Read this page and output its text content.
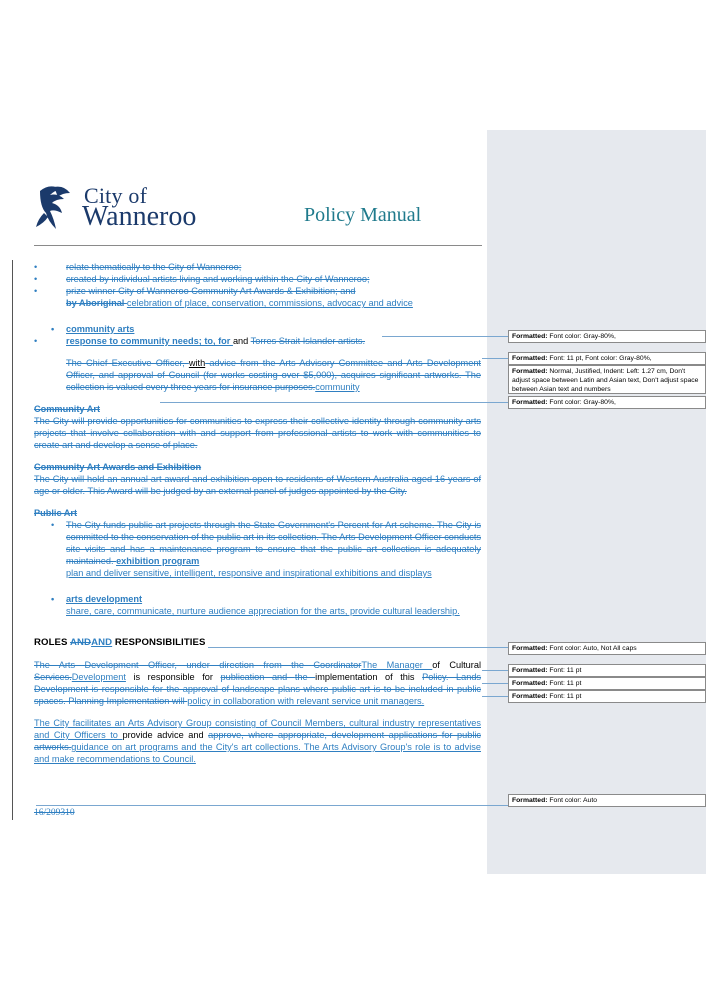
City of
Wanneroo	Policy Manual
• relate thematically to the City of Wanneroo;
• created by individual artists living and working within the City of Wanneroo;
• prize winner City of Wanneroo Community Art Awards & Exhibition; and
by Aboriginal celebration of place, conservation, commissions, advocacy and advice
• community arts
• response to community needs; to, for and Torres Strait Islander artists.
The Chief Executive Officer, with advice from the Arts Advisory Committee and Arts Development Officer, and approval of Council (for works costing over $5,000), acquires significant artworks. The collection is valued every three years for insurance purposes.community
Community Art
The City will provide opportunities for communities to express their collective identity through community arts projects that involve collaboration with and support from professional artists to work with communities to create art and develop a sense of place.
Community Art Awards and Exhibition
The City will hold an annual art award and exhibition open to residents of Western Australia aged 16 years of age or older. This Award will be judged by an external panel of judges appointed by the City.
Public Art
• The City funds public art projects through the State Government's Percent for Art scheme. The City is committed to the conservation of the public art in its collection. The Arts Development Officer conducts site visits and has a maintenance program to ensure that the public art collection is adequately maintained. exhibition program
plan and deliver sensitive, intelligent, responsive and inspirational exhibitions and displays
• arts development
share, care, communicate, nurture audience appreciation for the arts, provide cultural leadership.
ROLES ANDAND RESPONSIBILITIES
The Arts Development Officer, under direction from the CoordinatorThe Manager of Cultural Services.Development is responsible for publication and the implementation of this Policy. Lands Development is responsible for the approval of landscape plans where public art is to be included in public spaces. Planning Implementation will policy in collaboration with relevant service unit managers.
The City facilitates an Arts Advisory Group consisting of Council Members, cultural industry representatives and City Officers to provide advice and approve, where appropriate, development applications for public artworks.guidance on art programs and the City's art collections. The Arts Advisory Group's role is to advise and make recommendations to Council.
16/209310
Formatted: Font color: Gray-80%,
Formatted: Font: 11 pt, Font color: Gray-80%,
Formatted: Normal, Justified, Indent: Left: 1.27 cm, Don't adjust space between Latin and Asian text, Don't adjust space between Asian text and numbers
Formatted: Font color: Gray-80%,
Formatted: Font color: Auto, Not All caps
Formatted: Font: 11 pt
Formatted: Font: 11 pt
Formatted: Font: 11 pt
Formatted: Font color: Auto
